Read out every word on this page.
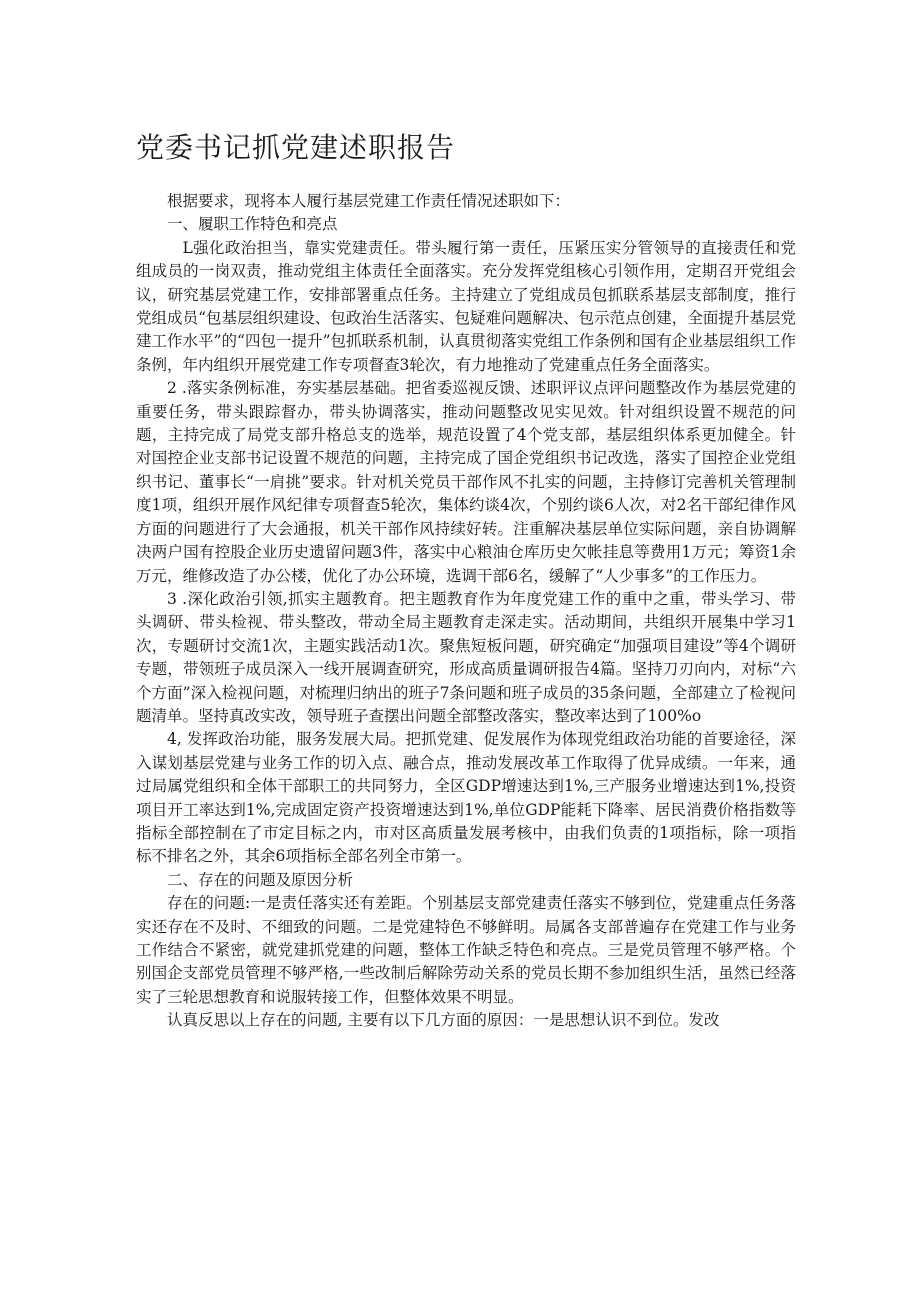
党委书记抓党建述职报告

根据要求，现将本人履行基层党建工作责任情况述职如下：

一、履职工作特色和亮点

L强化政治担当，靠实党建责任。带头履行第一责任，压紧压实分管领导的直接责任和党组成员的一岗双责，推动党组主体责任全面落实。充分发挥党组核心引领作用，定期召开党组会议，研究基层党建工作，安排部署重点任务。主持建立了党组成员包抓联系基层支部制度，推行党组成员“包基层组织建设、包政治生活落实、包疑难问题解决、包示范点创建，全面提升基层党建工作水平”的“四包一提升”包抓联系机制，认真贯彻落实党组工作条例和国有企业基层组织工作条例，年内组织开展党建工作专项督查3轮次，有力地推动了党建重点任务全面落实。

2 .落实条例标准，夯实基层基础。把省委巡视反馈、述职评议点评问题整改作为基层党建的重要任务，带头跟踪督办，带头协调落实，推动问题整改见实见效。针对组织设置不规范的问题，主持完成了局党支部升格总支的选举，规范设置了4个党支部，基层组织体系更加健全。针对国控企业支部书记设置不规范的问题，主持完成了国企党组织书记改选，落实了国控企业党组织书记、董事长“一肩挑”要求。针对机关党员干部作风不扎实的问题，主持修订完善机关管理制度1项，组织开展作风纪律专项督查5轮次，集体约谈4次，个别约谈6人次，对2名干部纪律作风方面的问题进行了大会通报，机关干部作风持续好转。注重解决基层单位实际问题，亲自协调解决两户国有控股企业历史遗留问题3件，落实中心粮油仓库历史欠帐挂息等费用1万元；筹资1余万元，维修改造了办公楼，优化了办公环境，选调干部6名，缓解了“人少事多”的工作压力。

3 .深化政治引领,抓实主题教育。把主题教育作为年度党建工作的重中之重，带头学习、带头调研、带头检视、带头整改，带动全局主题教育走深走实。活动期间，共组织开展集中学习1次，专题研讨交流1次，主题实践活动1次。聚焦短板问题，研究确定“加强项目建设”等4个调研专题，带领班子成员深入一线开展调查研究，形成高质量调研报告4篇。坚持刀刃向内，对标“六个方面”深入检视问题，对梳理归纳出的班子7条问题和班子成员的35条问题，全部建立了检视问题清单。坚持真改实改，领导班子查摆出问题全部整改落实，整改率达到了100%o

4, 发挥政治功能，服务发展大局。把抓党建、促发展作为体现党组政治功能的首要途径，深入谋划基层党建与业务工作的切入点、融合点，推动发展改革工作取得了优异成绩。一年来，通过局属党组织和全体干部职工的共同努力，全区GDP增速达到1%,三产服务业增速达到1%,投资项目开工率达到1%,完成固定资产投资增速达到1%,单位GDP能耗下降率、居民消费价格指数等指标全部控制在了市定目标之内，市对区高质量发展考核中，由我们负责的1项指标，除一项指标不排名之外，其余6项指标全部名列全市第一。

二、存在的问题及原因分析

存在的问题:一是责任落实还有差距。个别基层支部党建责任落实不够到位，党建重点任务落实还存在不及时、不细致的问题。二是党建特色不够鲜明。局属各支部普遍存在党建工作与业务工作结合不紧密，就党建抓党建的问题，整体工作缺乏特色和亮点。三是党员管理不够严格。个别国企支部党员管理不够严格,一些改制后解除劳动关系的党员长期不参加组织生活，虽然已经落实了三轮思想教育和说服转接工作，但整体效果不明显。

认真反思以上存在的问题, 主要有以下几方面的原因：一是思想认识不到位。发改
